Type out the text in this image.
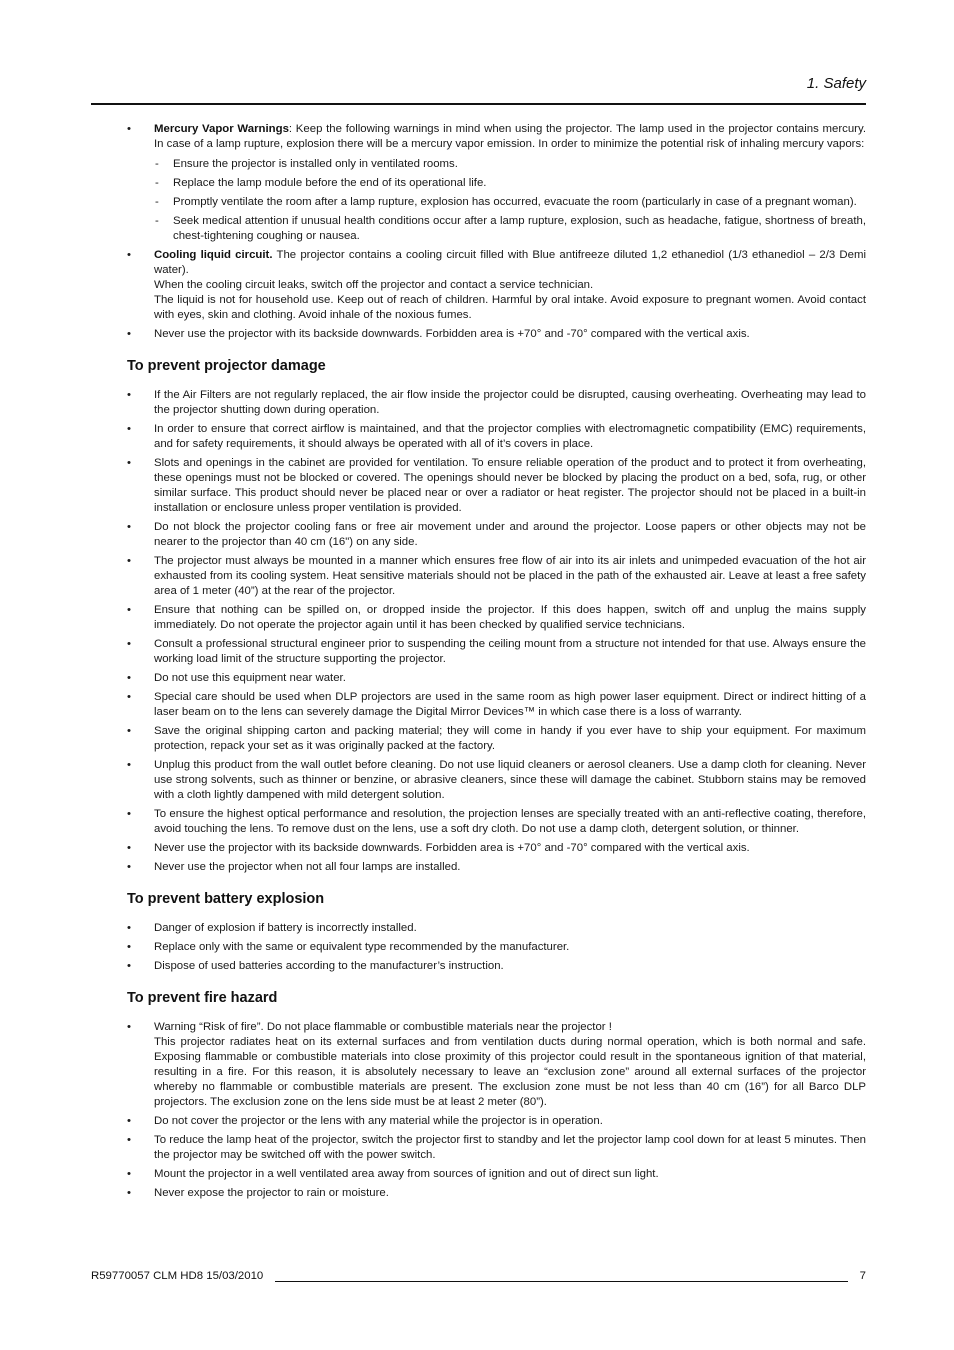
1. Safety
• Mercury Vapor Warnings: Keep the following warnings in mind when using the projector. The lamp used in the projector contains mercury. In case of a lamp rupture, explosion there will be a mercury vapor emission. In order to minimize the potential risk of inhaling mercury vapors:
- Ensure the projector is installed only in ventilated rooms.
- Replace the lamp module before the end of its operational life.
- Promptly ventilate the room after a lamp rupture, explosion has occurred, evacuate the room (particularly in case of a pregnant woman).
- Seek medical attention if unusual health conditions occur after a lamp rupture, explosion, such as headache, fatigue, shortness of breath, chest-tightening coughing or nausea.
• Cooling liquid circuit. The projector contains a cooling circuit filled with Blue antifreeze diluted 1,2 ethanediol (1/3 ethanediol – 2/3 Demi water).
When the cooling circuit leaks, switch off the projector and contact a service technician.
The liquid is not for household use. Keep out of reach of children. Harmful by oral intake. Avoid exposure to pregnant women. Avoid contact with eyes, skin and clothing. Avoid inhale of the noxious fumes.
• Never use the projector with its backside downwards. Forbidden area is +70° and -70° compared with the vertical axis.
To prevent projector damage
• If the Air Filters are not regularly replaced, the air flow inside the projector could be disrupted, causing overheating. Overheating may lead to the projector shutting down during operation.
• In order to ensure that correct airflow is maintained, and that the projector complies with electromagnetic compatibility (EMC) requirements, and for safety requirements, it should always be operated with all of it’s covers in place.
• Slots and openings in the cabinet are provided for ventilation. To ensure reliable operation of the product and to protect it from overheating, these openings must not be blocked or covered. The openings should never be blocked by placing the product on a bed, sofa, rug, or other similar surface. This product should never be placed near or over a radiator or heat register. The projector should not be placed in a built-in installation or enclosure unless proper ventilation is provided.
• Do not block the projector cooling fans or free air movement under and around the projector. Loose papers or other objects may not be nearer to the projector than 40 cm (16") on any side.
• The projector must always be mounted in a manner which ensures free flow of air into its air inlets and unimpeded evacuation of the hot air exhausted from its cooling system. Heat sensitive materials should not be placed in the path of the exhausted air. Leave at least a free safety area of 1 meter (40”) at the rear of the projector.
• Ensure that nothing can be spilled on, or dropped inside the projector. If this does happen, switch off and unplug the mains supply immediately. Do not operate the projector again until it has been checked by qualified service technicians.
• Consult a professional structural engineer prior to suspending the ceiling mount from a structure not intended for that use. Always ensure the working load limit of the structure supporting the projector.
• Do not use this equipment near water.
• Special care should be used when DLP projectors are used in the same room as high power laser equipment. Direct or indirect hitting of a laser beam on to the lens can severely damage the Digital Mirror Devices™ in which case there is a loss of warranty.
• Save the original shipping carton and packing material; they will come in handy if you ever have to ship your equipment. For maximum protection, repack your set as it was originally packed at the factory.
• Unplug this product from the wall outlet before cleaning. Do not use liquid cleaners or aerosol cleaners. Use a damp cloth for cleaning. Never use strong solvents, such as thinner or benzine, or abrasive cleaners, since these will damage the cabinet. Stubborn stains may be removed with a cloth lightly dampened with mild detergent solution.
• To ensure the highest optical performance and resolution, the projection lenses are specially treated with an anti-reflective coating, therefore, avoid touching the lens. To remove dust on the lens, use a soft dry cloth. Do not use a damp cloth, detergent solution, or thinner.
• Never use the projector with its backside downwards. Forbidden area is +70° and -70° compared with the vertical axis.
• Never use the projector when not all four lamps are installed.
To prevent battery explosion
• Danger of explosion if battery is incorrectly installed.
• Replace only with the same or equivalent type recommended by the manufacturer.
• Dispose of used batteries according to the manufacturer’s instruction.
To prevent fire hazard
• Warning “Risk of fire”. Do not place flammable or combustible materials near the projector !
This projector radiates heat on its external surfaces and from ventilation ducts during normal operation, which is both normal and safe. Exposing flammable or combustible materials into close proximity of this projector could result in the spontaneous ignition of that material, resulting in a fire. For this reason, it is absolutely necessary to leave an “exclusion zone” around all external surfaces of the projector whereby no flammable or combustible materials are present. The exclusion zone must be not less than 40 cm (16”) for all Barco DLP projectors. The exclusion zone on the lens side must be at least 2 meter (80”).
• Do not cover the projector or the lens with any material while the projector is in operation.
• To reduce the lamp heat of the projector, switch the projector first to standby and let the projector lamp cool down for at least 5 minutes. Then the projector may be switched off with the power switch.
• Mount the projector in a well ventilated area away from sources of ignition and out of direct sun light.
• Never expose the projector to rain or moisture.
R59770057 CLM HD8 15/03/2010	7
